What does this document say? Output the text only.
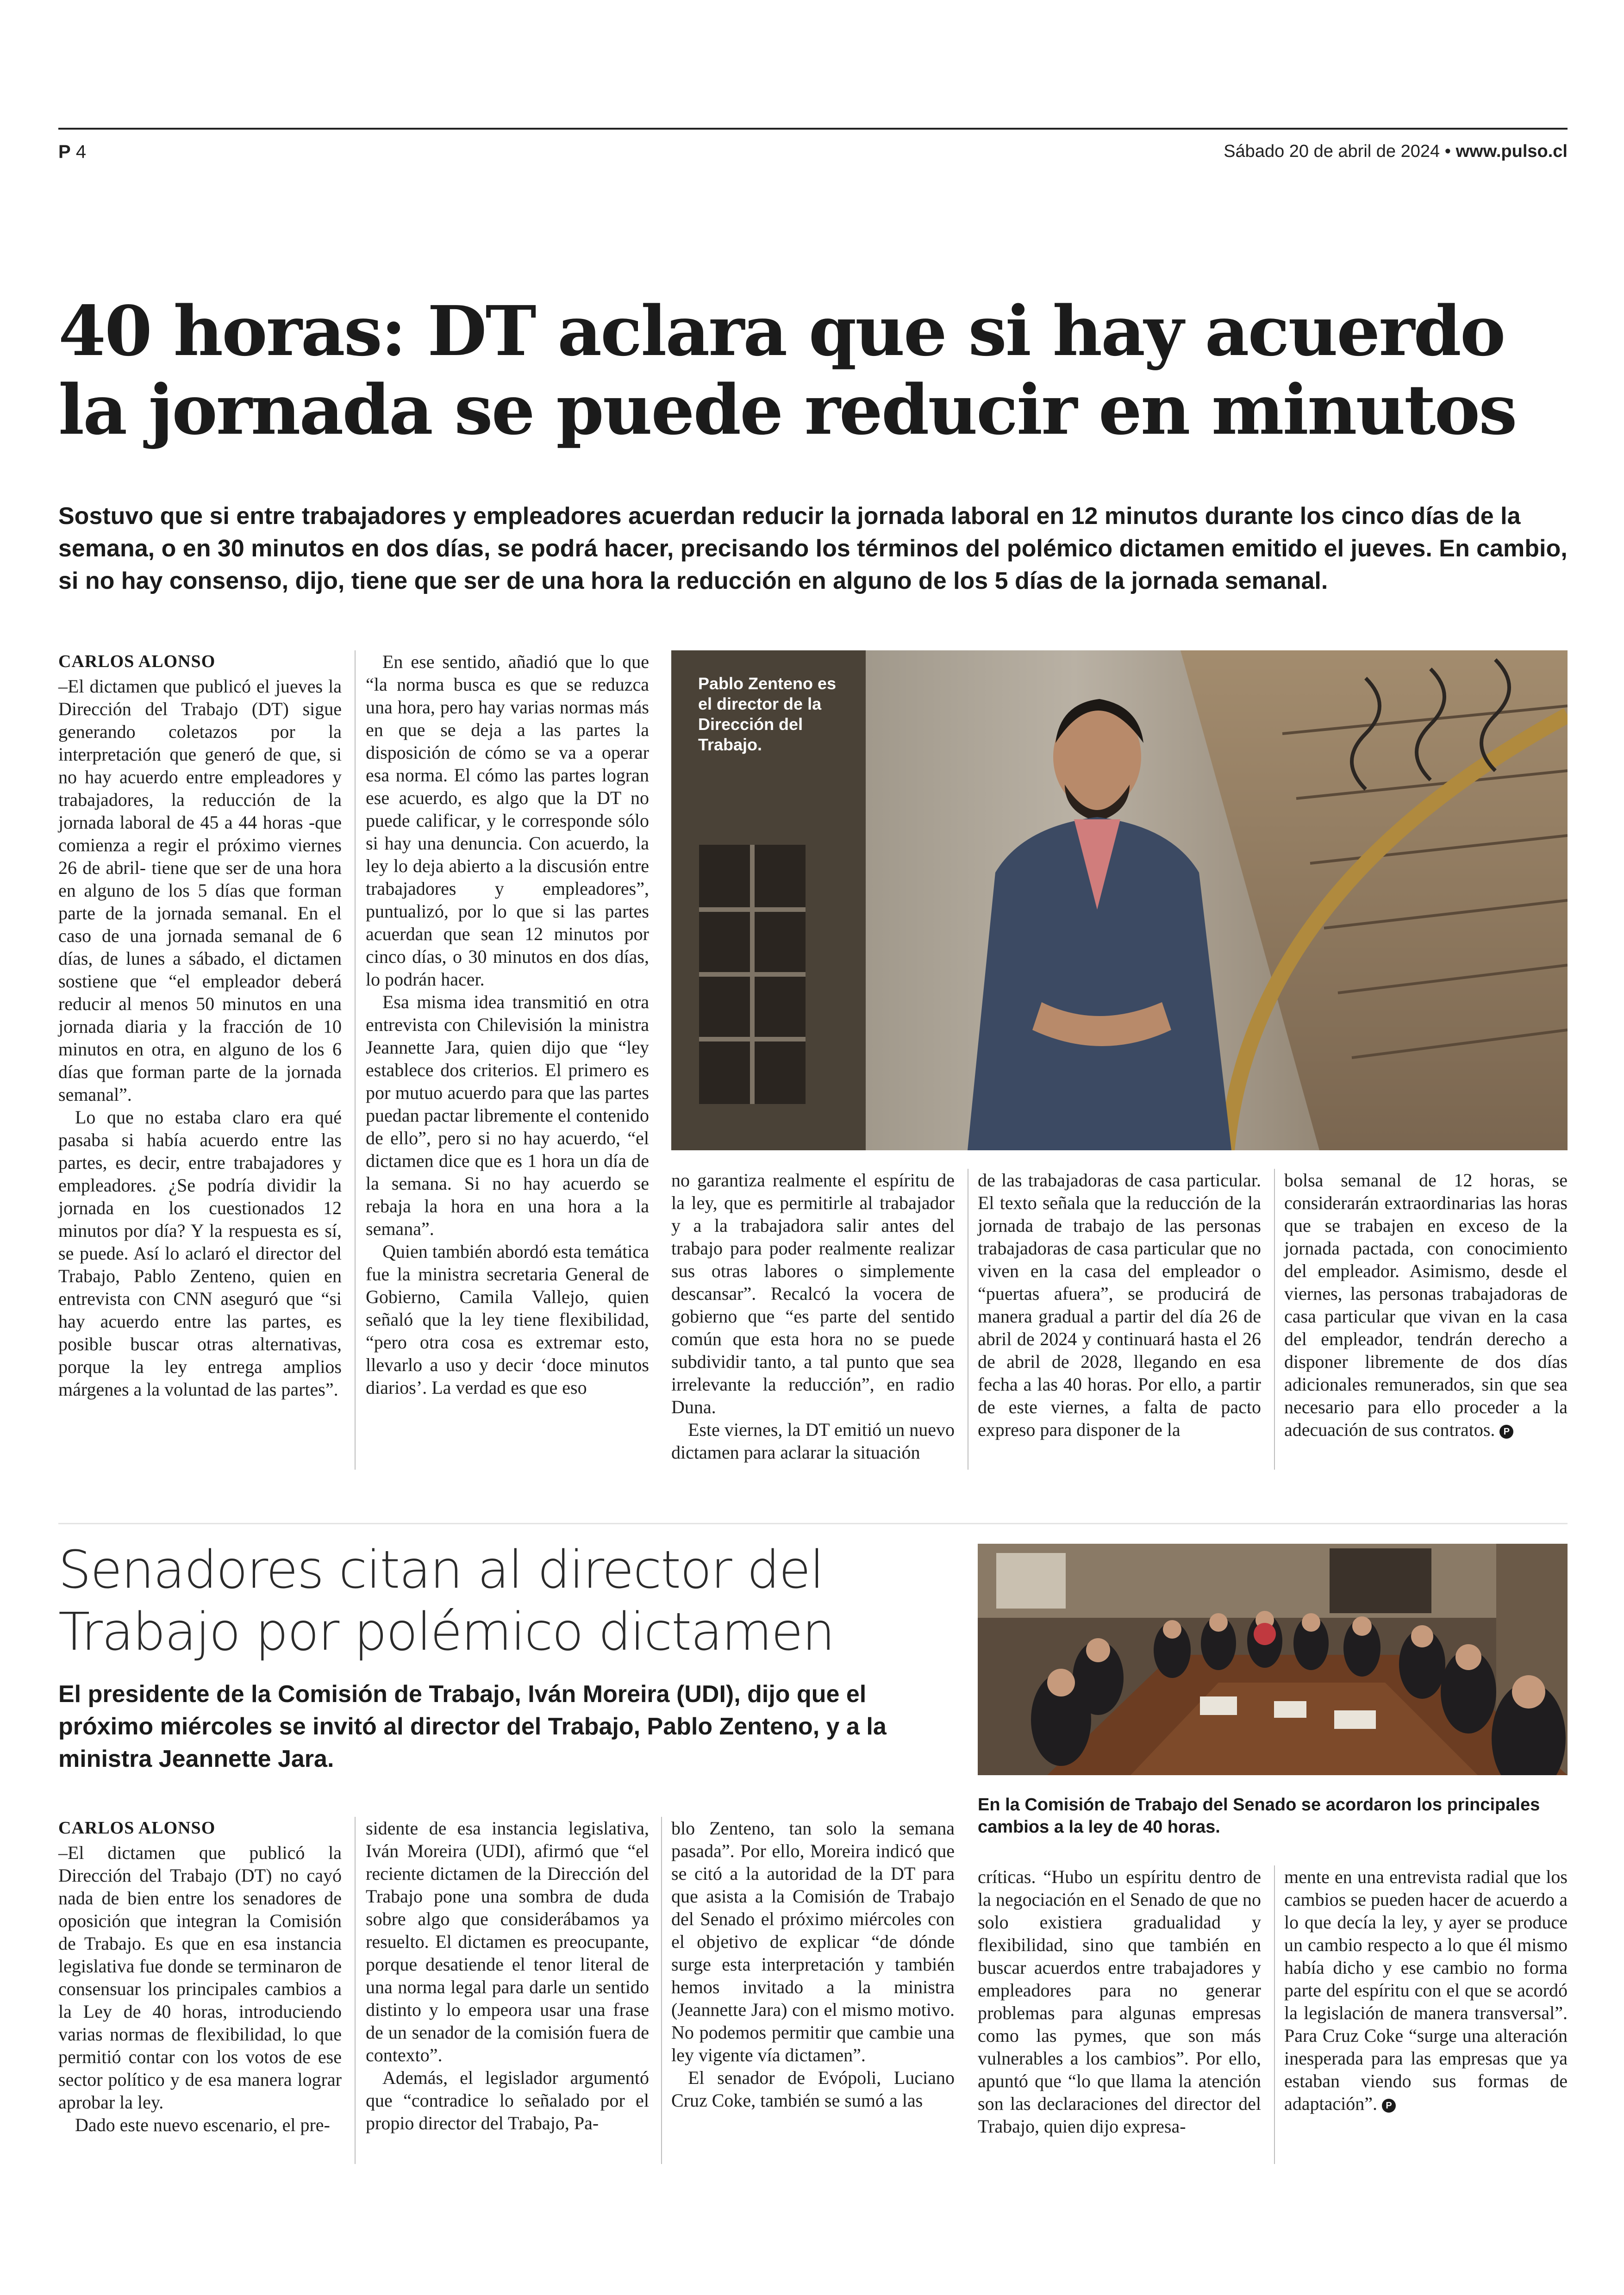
P 4	Sábado 20 de abril de 2024 • www.pulso.cl
40 horas: DT aclara que si hay acuerdo
la jornada se puede reducir en minutos
Sostuvo que si entre trabajadores y empleadores acuerdan reducir la jornada laboral en 12 minutos durante los cinco días de la semana, o en 30 minutos en dos días, se podrá hacer, precisando los términos del polémico dictamen emitido el jueves. En cambio, si no hay consenso, dijo, tiene que ser de una hora la reducción en alguno de los 5 días de la jornada semanal.
CARLOS ALONSO

–El dictamen que publicó el jueves la Dirección del Trabajo (DT) sigue generando coletazos por la interpretación que generó de que, si no hay acuerdo entre empleadores y trabajadores, la reducción de la jornada laboral de 45 a 44 horas -que comienza a regir el próximo viernes 26 de abril- tiene que ser de una hora en alguno de los 5 días que forman parte de la jornada semanal. En el caso de una jornada semanal de 6 días, de lunes a sábado, el dictamen sostiene que “el empleador deberá reducir al menos 50 minutos en una jornada diaria y la fracción de 10 minutos en otra, en alguno de los 6 días que forman parte de la jornada semanal”.

Lo que no estaba claro era qué pasaba si había acuerdo entre las partes, es decir, entre trabajadores y empleadores. ¿Se podría dividir la jornada en los cuestionados 12 minutos por día? Y la respuesta es sí, se puede. Así lo aclaró el director del Trabajo, Pablo Zenteno, quien en entrevista con CNN aseguró que “si hay acuerdo entre las partes, es posible buscar otras alternativas, porque la ley entrega amplios márgenes a la voluntad de las partes”.

En ese sentido, añadió que lo que “la norma busca es que se reduzca una hora, pero hay varias normas más en que se deja a las partes la disposición de cómo se va a operar esa norma. El cómo las partes logran ese acuerdo, es algo que la DT no puede calificar, y le corresponde sólo si hay una denuncia. Con acuerdo, la ley lo deja abierto a la discusión entre trabajadores y empleadores”, puntualizó, por lo que si las partes acuerdan que sean 12 minutos por cinco días, o 30 minutos en dos días, lo podrán hacer.

Esa misma idea transmitió en otra entrevista con Chilevisión la ministra Jeannette Jara, quien dijo que “ley establece dos criterios. El primero es por mutuo acuerdo para que las partes puedan pactar libremente el contenido de ello”, pero si no hay acuerdo, “el dictamen dice que es 1 hora un día de la semana. Si no hay acuerdo se rebaja la hora en una hora a la semana”.

Quien también abordó esta temática fue la ministra secretaria General de Gobierno, Camila Vallejo, quien señaló que la ley tiene flexibilidad, “pero otra cosa es extremar esto, llevarlo a uso y decir ‘doce minutos diarios’. La verdad es que eso

Pablo Zenteno es el director de la Dirección del Trabajo.

no garantiza realmente el espíritu de la ley, que es permitirle al trabajador y a la trabajadora salir antes del trabajo para poder realmente realizar sus otras labores o simplemente descansar”. Recalcó la vocera de gobierno que “es parte del sentido común que esta hora no se puede subdividir tanto, a tal punto que sea irrelevante la reducción”, en radio Duna.

Este viernes, la DT emitió un nuevo dictamen para aclarar la situación

de las trabajadoras de casa particular. El texto señala que la reducción de la jornada de trabajo de las personas trabajadoras de casa particular que no viven en la casa del empleador o “puertas afuera”, se producirá de manera gradual a partir del día 26 de abril de 2024 y continuará hasta el 26 de abril de 2028, llegando en esa fecha a las 40 horas. Por ello, a partir de este viernes, a falta de pacto expreso para disponer de la

bolsa semanal de 12 horas, se considerarán extraordinarias las horas que se trabajen en exceso de la jornada pactada, con conocimiento del empleador. Asimismo, desde el viernes, las personas trabajadoras de casa particular que vivan en la casa del empleador, tendrán derecho a disponer libremente de dos días adicionales remunerados, sin que sea necesario para ello proceder a la adecuación de sus contratos. P

Senadores citan al director del
Trabajo por polémico dictamen
El presidente de la Comisión de Trabajo, Iván Moreira (UDI), dijo que el próximo miércoles se invitó al director del Trabajo, Pablo Zenteno, y a la ministra Jeannette Jara.
En la Comisión de Trabajo del Senado se acordaron los principales cambios a la ley de 40 horas.
CARLOS ALONSO

–El dictamen que publicó la Dirección del Trabajo (DT) no cayó nada de bien entre los senadores de oposición que integran la Comisión de Trabajo. Es que en esa instancia legislativa fue donde se terminaron de consensuar los principales cambios a la Ley de 40 horas, introduciendo varias normas de flexibilidad, lo que permitió contar con los votos de ese sector político y de esa manera lograr aprobar la ley.

Dado este nuevo escenario, el pre-

sidente de esa instancia legislativa, Iván Moreira (UDI), afirmó que “el reciente dictamen de la Dirección del Trabajo pone una sombra de duda sobre algo que considerábamos ya resuelto. El dictamen es preocupante, porque desatiende el tenor literal de una norma legal para darle un sentido distinto y lo empeora usar una frase de un senador de la comisión fuera de contexto”.

Además, el legislador argumentó que “contradice lo señalado por el propio director del Trabajo, Pa-

blo Zenteno, tan solo la semana pasada”. Por ello, Moreira indicó que se citó a la autoridad de la DT para que asista a la Comisión de Trabajo del Senado el próximo miércoles con el objetivo de explicar “de dónde surge esta interpretación y también hemos invitado a la ministra (Jeannette Jara) con el mismo motivo. No podemos permitir que cambie una ley vigente vía dictamen”.

El senador de Evópoli, Luciano Cruz Coke, también se sumó a las

críticas. “Hubo un espíritu dentro de la negociación en el Senado de que no solo existiera gradualidad y flexibilidad, sino que también en buscar acuerdos entre trabajadores y empleadores para no generar problemas para algunas empresas como las pymes, que son más vulnerables a los cambios”. Por ello, apuntó que “lo que llama la atención son las declaraciones del director del Trabajo, quien dijo expresa-

mente en una entrevista radial que los cambios se pueden hacer de acuerdo a lo que decía la ley, y ayer se produce un cambio respecto a lo que él mismo había dicho y ese cambio no forma parte del espíritu con el que se acordó la legislación de manera transversal”. Para Cruz Coke “surge una alteración inesperada para las empresas que ya estaban viendo sus formas de adaptación”. P
